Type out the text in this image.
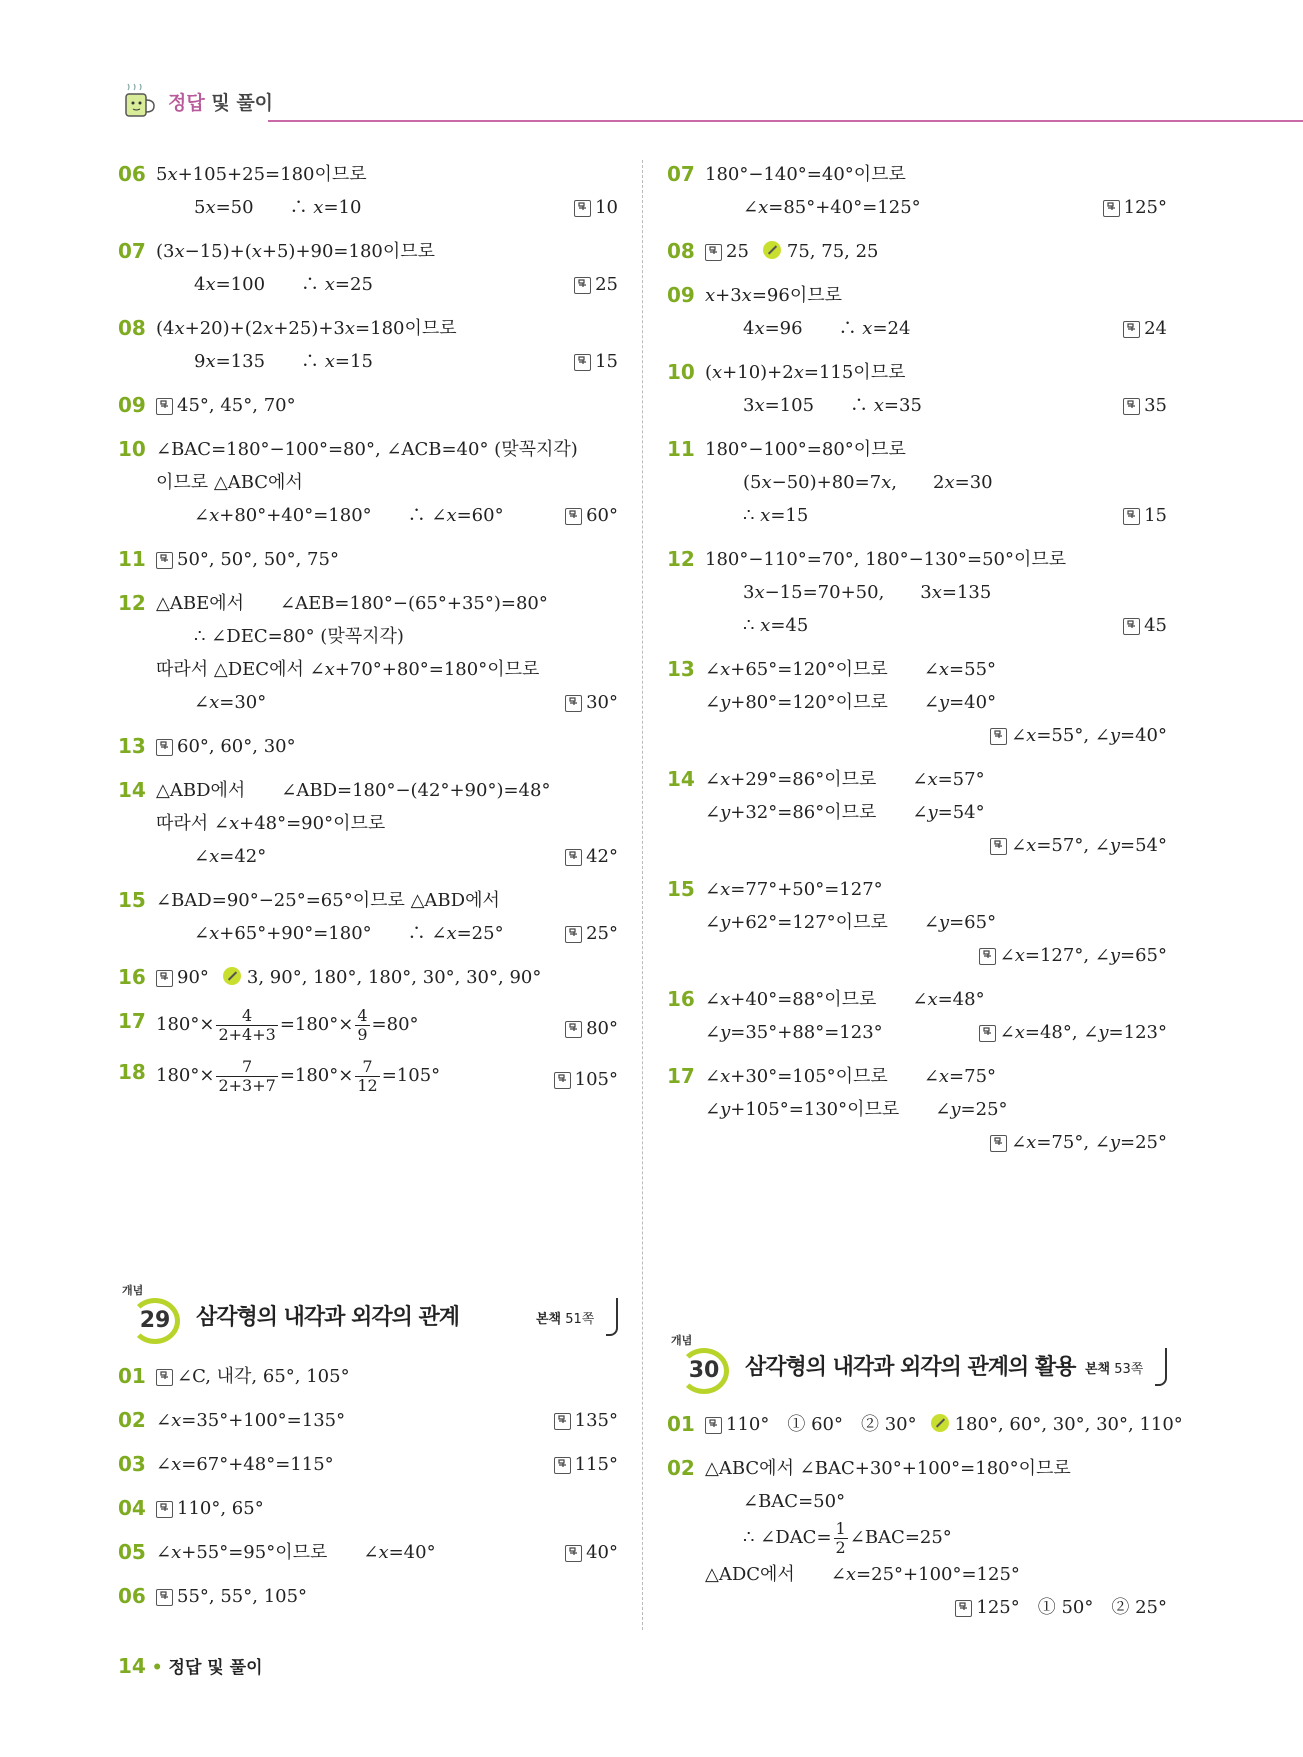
정답 및 풀이
06 5𝑥+105+25=180이므로
5𝑥=50　　∴ 𝑥=10	10
07 (3𝑥−15)+(𝑥+5)+90=180이므로
4𝑥=100　　∴ 𝑥=25	25
08 (4𝑥+20)+(2𝑥+25)+3𝑥=180이므로
9𝑥=135　　∴ 𝑥=15	15
09	45°, 45°, 70°
10 ∠BAC=180°−100°=80°, ∠ACB=40° (맞꼭지각)
이므로 △ABC에서
∠𝑥+80°+40°=180°　　∴ ∠𝑥=60°	60°
11	50°, 50°, 50°, 75°
12 △ABE에서　　∠AEB=180°−(65°+35°)=80°
∴ ∠DEC=80° (맞꼭지각)
따라서 △DEC에서 ∠𝑥+70°+80°=180°이므로
∠𝑥=30°	30°
13	60°, 60°, 30°
14 △ABD에서　　∠ABD=180°−(42°+90°)=48°
따라서 ∠𝑥+48°=90°이므로
∠𝑥=42°	42°
15 ∠BAD=90°−25°=65°이므로 △ABD에서
∠𝑥+65°+90°=180°　　∴ ∠𝑥=25°	25°
16	90° 3, 90°, 180°, 180°, 30°, 30°, 90°
17 $180^\circ\times \frac{4}{2+4+3} =180^\circ\times \frac{4}{9} =80^\circ$	80°
18 $180^\circ\times \frac{7}{2+3+7} =180^\circ\times \frac{7}{12} =105^\circ$	105°
07 180°−140°=40°이므로
∠𝑥=85°+40°=125°	125°
08	25 75, 75, 25
09 𝑥+3𝑥=96이므로
4𝑥=96　　∴ 𝑥=24	24
10 (𝑥+10)+2𝑥=115이므로
3𝑥=105　　∴ 𝑥=35	35
11 180°−100°=80°이므로
(5𝑥−50)+80=7𝑥,　　2𝑥=30
∴ 𝑥=15	15
12 180°−110°=70°, 180°−130°=50°이므로
3𝑥−15=70+50,　　3𝑥=135
∴ 𝑥=45	45
13 ∠𝑥+65°=120°이므로　　∠𝑥=55°
∠𝑦+80°=120°이므로　　∠𝑦=40°
∠𝑥=55°, ∠𝑦=40°
14 ∠𝑥+29°=86°이므로　　∠𝑥=57°
∠𝑦+32°=86°이므로　　∠𝑦=54°
∠𝑥=57°, ∠𝑦=54°
15 ∠𝑥=77°+50°=127°
∠𝑦+62°=127°이므로　　∠𝑦=65°
∠𝑥=127°, ∠𝑦=65°
16 ∠𝑥+40°=88°이므로　　∠𝑥=48°
∠𝑦=35°+88°=123°	∠𝑥=48°, ∠𝑦=123°
17 ∠𝑥+30°=105°이므로　　∠𝑥=75°
∠𝑦+105°=130°이므로　　∠𝑦=25°
∠𝑥=75°, ∠𝑦=25°
개념
29	삼각형의 내각과 외각의 관계	본책 51쪽
01	∠C, 내각, 65°, 105°
02 ∠𝑥=35°+100°=135°	135°
03 ∠𝑥=67°+48°=115°	115°
04	110°, 65°
05 ∠𝑥+55°=95°이므로　　∠𝑥=40°	40°
06	55°, 55°, 105°
개념
30	삼각형의 내각과 외각의 관계의 활용 본책 53쪽
01	110°　① 60°　② 30° 180°, 60°, 30°, 30°, 110°
02 △ABC에서 ∠BAC+30°+100°=180°이므로
∠BAC=50°
∴ ∠DAC= $\frac{1}{2}$ ∠BAC=25°
△ADC에서　　∠𝑥=25°+100°=125°
125°　① 50°　② 25°
14 • 정답 및 풀이
